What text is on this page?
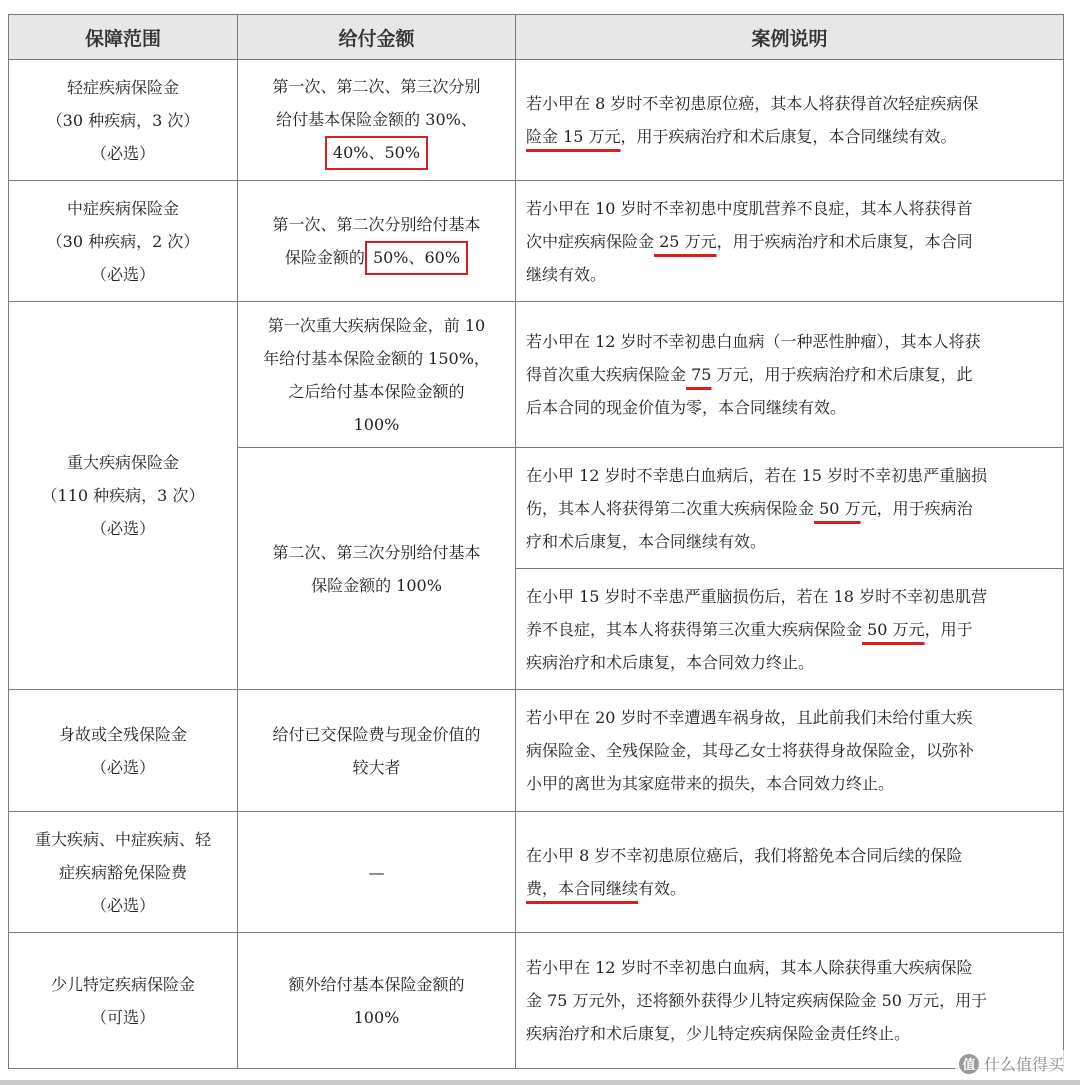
保障范围	给付金额	案例说明

轻症疾病保险金
（30 种疾病，3 次）
（必选）	第一次、第二次、第三次分别
给付基本保险金额的 30%、
40%、50%	若小甲在 8 岁时不幸初患原位癌，其本人将获得首次轻症疾病保
险金 15 万元，用于疾病治疗和术后康复，本合同继续有效。

中症疾病保险金
（30 种疾病，2 次）
（必选）	第一次、第二次分别给付基本
保险金额的 50%、60%	若小甲在 10 岁时不幸初患中度肌营养不良症，其本人将获得首
次中症疾病保险金 25 万元，用于疾病治疗和术后康复，本合同
继续有效。

重大疾病保险金
（110 种疾病，3 次）
（必选）	第一次重大疾病保险金，前 10
年给付基本保险金额的 150%，
之后给付基本保险金额的
100%	若小甲在 12 岁时不幸初患白血病（一种恶性肿瘤），其本人将获
得首次重大疾病保险金 75 万元，用于疾病治疗和术后康复，此
后本合同的现金价值为零，本合同继续有效。

	第二次、第三次分别给付基本
保险金额的 100%	在小甲 12 岁时不幸患白血病后，若在 15 岁时不幸初患严重脑损
伤，其本人将获得第二次重大疾病保险金 50 万元，用于疾病治
疗和术后康复，本合同继续有效。

		在小甲 15 岁时不幸患严重脑损伤后，若在 18 岁时不幸初患肌营
养不良症，其本人将获得第三次重大疾病保险金 50 万元，用于
疾病治疗和术后康复，本合同效力终止。

身故或全残保险金
（必选）	给付已交保险费与现金价值的
较大者	若小甲在 20 岁时不幸遭遇车祸身故，且此前我们未给付重大疾
病保险金、全残保险金，其母乙女士将获得身故保险金，以弥补
小甲的离世为其家庭带来的损失，本合同效力终止。

重大疾病、中症疾病、轻
症疾病豁免保险费
（必选）	—	在小甲 8 岁不幸初患原位癌后，我们将豁免本合同后续的保险
费，本合同继续有效。

少儿特定疾病保险金
（可选）	额外给付基本保险金额的
100%	若小甲在 12 岁时不幸初患白血病，其本人除获得重大疾病保险
金 75 万元外，还将额外获得少儿特定疾病保险金 50 万元，用于
疾病治疗和术后康复，少儿特定疾病保险金责任终止。
值 什么值得买
